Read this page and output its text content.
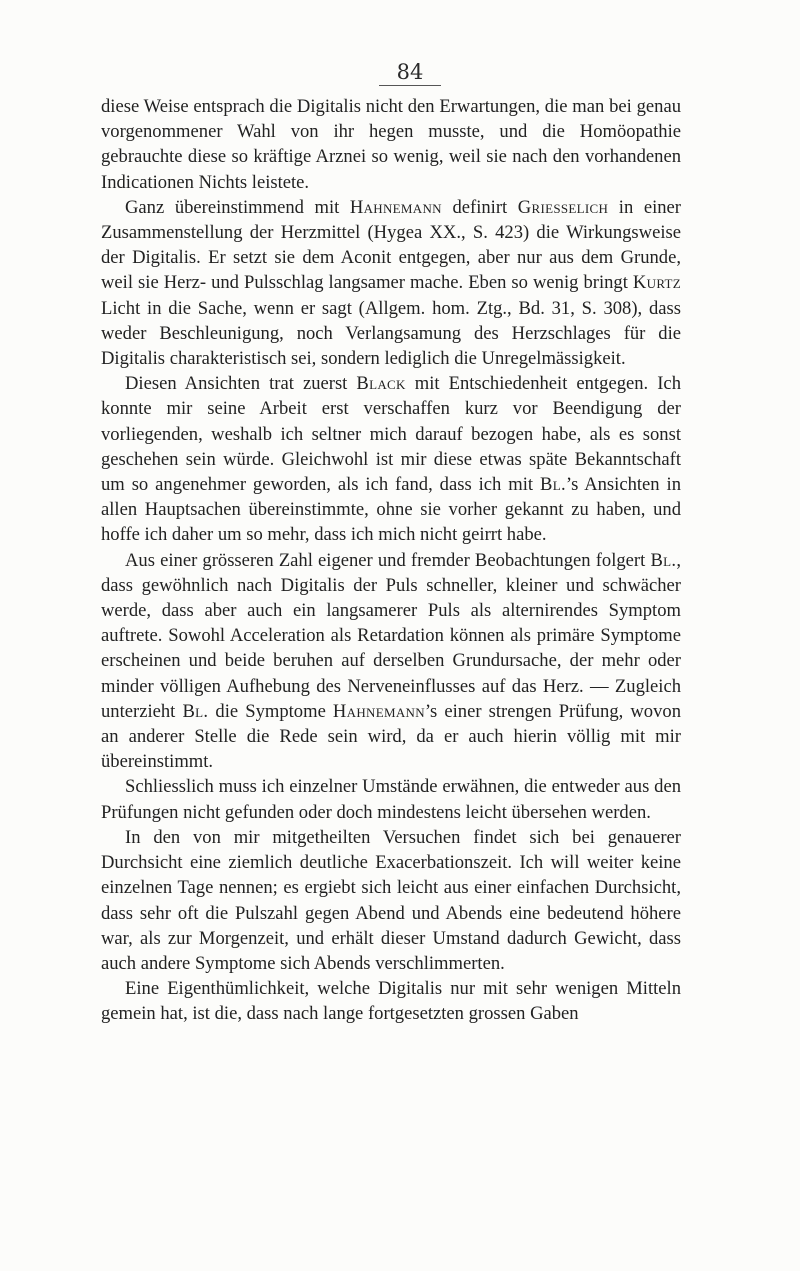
84

diese Weise entsprach die Digitalis nicht den Erwartungen, die man bei genau vorgenommener Wahl von ihr hegen musste, und die Homöopathie gebrauchte diese so kräftige Arznei so wenig, weil sie nach den vorhandenen Indicationen Nichts leistete.

Ganz übereinstimmend mit Hahnemann definirt Griesselich in einer Zusammenstellung der Herzmittel (Hygea XX., S. 423) die Wirkungsweise der Digitalis. Er setzt sie dem Aconit entgegen, aber nur aus dem Grunde, weil sie Herz- und Pulsschlag langsamer mache. Eben so wenig bringt Kurtz Licht in die Sache, wenn er sagt (Allgem. hom. Ztg., Bd. 31, S. 308), dass weder Beschleunigung, noch Verlangsamung des Herzschlages für die Digitalis charakteristisch sei, sondern lediglich die Unregelmässigkeit.

Diesen Ansichten trat zuerst Black mit Entschiedenheit entgegen. Ich konnte mir seine Arbeit erst verschaffen kurz vor Beendigung der vorliegenden, weshalb ich seltner mich darauf bezogen habe, als es sonst geschehen sein würde. Gleichwohl ist mir diese etwas späte Bekanntschaft um so angenehmer geworden, als ich fand, dass ich mit Bl.’s Ansichten in allen Hauptsachen übereinstimmte, ohne sie vorher gekannt zu haben, und hoffe ich daher um so mehr, dass ich mich nicht geirrt habe.

Aus einer grösseren Zahl eigener und fremder Beobachtungen folgert Bl., dass gewöhnlich nach Digitalis der Puls schneller, kleiner und schwächer werde, dass aber auch ein langsamerer Puls als alternirendes Symptom auftrete. Sowohl Acceleration als Retardation können als primäre Symptome erscheinen und beide beruhen auf derselben Grundursache, der mehr oder minder völligen Aufhebung des Nerveneinflusses auf das Herz. — Zugleich unterzieht Bl. die Symptome Hahnemann’s einer strengen Prüfung, wovon an anderer Stelle die Rede sein wird, da er auch hierin völlig mit mir übereinstimmt.

Schliesslich muss ich einzelner Umstände erwähnen, die entweder aus den Prüfungen nicht gefunden oder doch mindestens leicht übersehen werden.

In den von mir mitgetheilten Versuchen findet sich bei genauerer Durchsicht eine ziemlich deutliche Exacerbationszeit. Ich will weiter keine einzelnen Tage nennen; es ergiebt sich leicht aus einer einfachen Durchsicht, dass sehr oft die Pulszahl gegen Abend und Abends eine bedeutend höhere war, als zur Morgenzeit, und erhält dieser Umstand dadurch Gewicht, dass auch andere Symptome sich Abends verschlimmerten.

Eine Eigenthümlichkeit, welche Digitalis nur mit sehr wenigen Mitteln gemein hat, ist die, dass nach lange fortgesetzten grossen Gaben
